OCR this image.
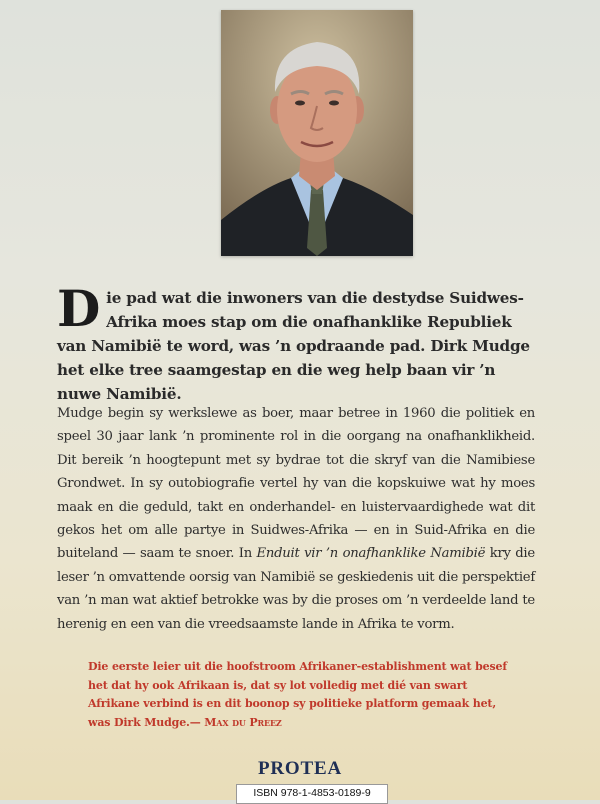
Die pad wat die inwoners van die destydse Suidwes-Afrika moes stap om die onafhanklike Republiek van Namibië te word, was ’n opdraande pad. Dirk Mudge het elke tree saamgestap en die weg help baan vir ’n nuwe Namibië.
Mudge begin sy werkslewe as boer, maar betree in 1960 die politiek en speel 30 jaar lank ’n prominente rol in die oorgang na onafhanklikheid. Dit bereik ’n hoogtepunt met sy bydrae tot die skryf van die Namibiese Grondwet. In sy outobiografie vertel hy van die kopskuiwe wat hy moes maak en die geduld, takt en onderhandel- en luistervaardighede wat dit gekos het om alle partye in Suidwes-Afrika — en in Suid-Afrika en die buiteland — saam te snoer. In Enduit vir ’n onafhanklike Namibië kry die leser ’n omvattende oorsig van Namibië se geskiedenis uit die perspektief van ’n man wat aktief betrokke was by die proses om ’n verdeelde land te herenig en een van die vreedsaamste lande in Afrika te vorm.
Die eerste leier uit die hoofstroom Afrikaner-establishment wat besef het dat hy ook Afrikaan is, dat sy lot volledig met dié van swart Afrikane verbind is en dit boonop sy politieke platform gemaak het, was Dirk Mudge.— Max du Preez
PROTEA
ISBN 978-1-4853-0189-9
